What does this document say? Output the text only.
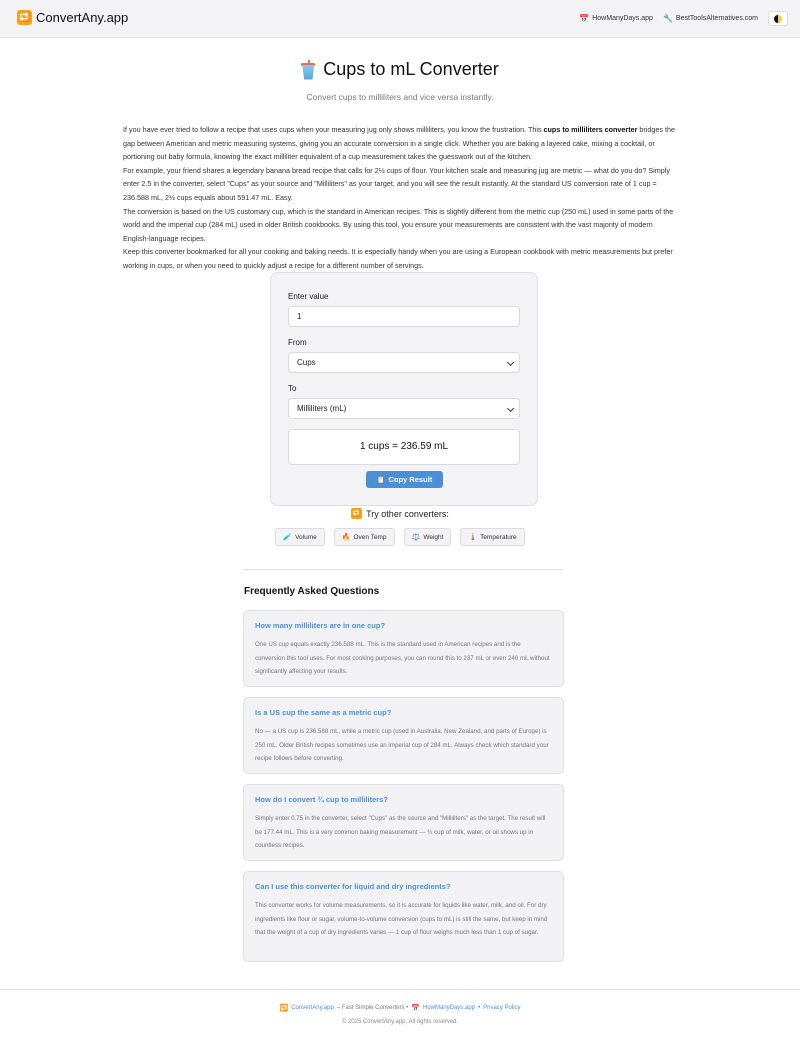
🔁 ConvertAny.app	📅 HowManyDays.app 🔧 BestToolsAlternatives.com
Cups to mL Converter
Convert cups to milliliters and vice versa instantly.

If you have ever tried to follow a recipe that uses cups when your measuring jug only shows milliliters, you know the frustration. This cups to milliliters converter bridges the gap between American and metric measuring systems, giving you an accurate conversion in a single click. Whether you are baking a layered cake, mixing a cocktail, or portioning out baby formula, knowing the exact milliliter equivalent of a cup measurement takes the guesswork out of the kitchen.

For example, your friend shares a legendary banana bread recipe that calls for 2½ cups of flour. Your kitchen scale and measuring jug are metric — what do you do? Simply enter 2.5 in the converter, select "Cups" as your source and "Milliliters" as your target, and you will see the result instantly. At the standard US conversion rate of 1 cup = 236.588 mL, 2½ cups equals about 591.47 mL. Easy.

The conversion is based on the US customary cup, which is the standard in American recipes. This is slightly different from the metric cup (250 mL) used in some parts of the world and the imperial cup (284 mL) used in older British cookbooks. By using this tool, you ensure your measurements are consistent with the vast majority of modern English-language recipes.

Keep this converter bookmarked for all your cooking and baking needs. It is especially handy when you are using a European cookbook with metric measurements but prefer working in cups, or when you need to quickly adjust a recipe for a different number of servings.

Enter value
1
From
Cups
To
Milliliters (mL)
1 cups = 236.59 mL
📋 Copy Result
🔁 Try other converters:
🧪 Volume	🔥 Oven Temp	⚖️ Weight	🌡️ Temperature
Frequently Asked Questions
How many milliliters are in one cup?
One US cup equals exactly 236.588 mL. This is the standard used in American recipes and is the conversion this tool uses. For most cooking purposes, you can round this to 237 mL or even 240 mL without significantly affecting your results.
Is a US cup the same as a metric cup?
No — a US cup is 236.588 mL, while a metric cup (used in Australia, New Zealand, and parts of Europe) is 250 mL. Older British recipes sometimes use an imperial cup of 284 mL. Always check which standard your recipe follows before converting.
How do I convert ¾ cup to milliliters?
Simply enter 0.75 in the converter, select "Cups" as the source and "Milliliters" as the target. The result will be 177.44 mL. This is a very common baking measurement — ¾ cup of milk, water, or oil shows up in countless recipes.
Can I use this converter for liquid and dry ingredients?
This converter works for volume measurements, so it is accurate for liquids like water, milk, and oil. For dry ingredients like flour or sugar, volume-to-volume conversion (cups to mL) is still the same, but keep in mind that the weight of a cup of dry ingredients varies — 1 cup of flour weighs much less than 1 cup of sugar.
🔁 ConvertAny.app – Fast Simple Converters • 📅 HowManyDays.app • Privacy Policy
© 2025 ConvertAny.app. All rights reserved.
